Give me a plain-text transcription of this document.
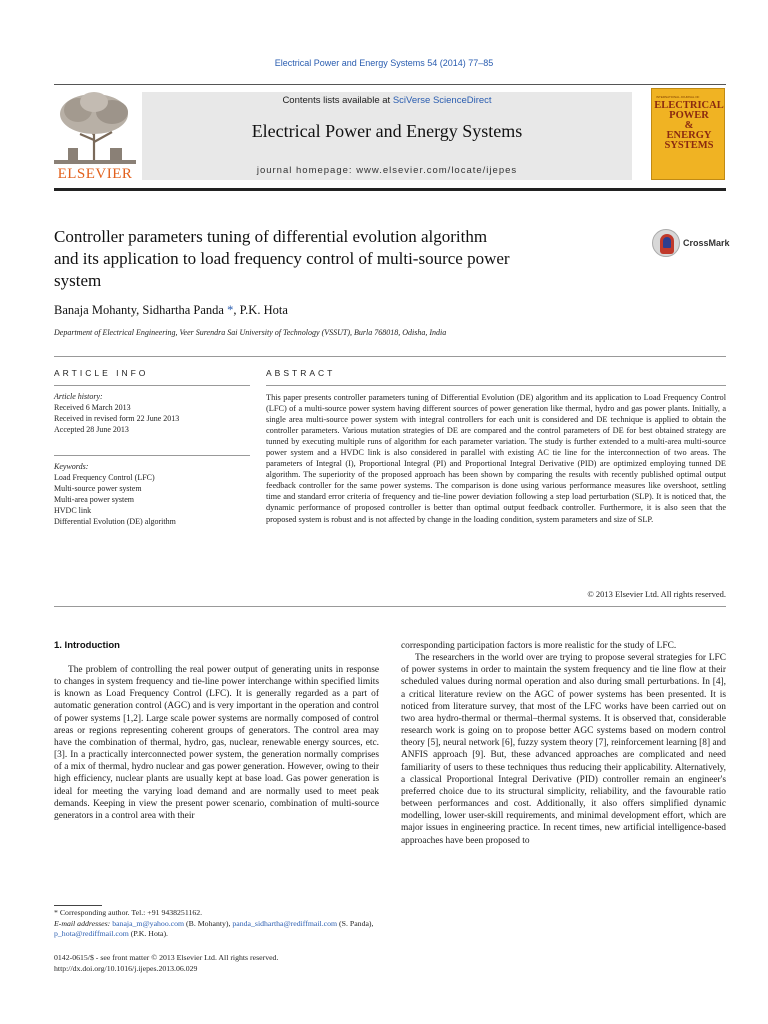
Electrical Power and Energy Systems 54 (2014) 77–85
ELSEVIER
Contents lists available at SciVerse ScienceDirect
Electrical Power and Energy Systems
journal homepage: www.elsevier.com/locate/ijepes
INTERNATIONAL JOURNAL OF
ELECTRICAL
POWER
&
ENERGY
SYSTEMS
Controller parameters tuning of differential evolution algorithm
and its application to load frequency control of multi-source power
system
CrossMark
Banaja Mohanty, Sidhartha Panda *, P.K. Hota
Department of Electrical Engineering, Veer Surendra Sai University of Technology (VSSUT), Burla 768018, Odisha, India
ARTICLE INFO	ABSTRACT
Article history:
Received 6 March 2013
Received in revised form 22 June 2013
Accepted 28 June 2013
Keywords:
Load Frequency Control (LFC)
Multi-source power system
Multi-area power system
HVDC link
Differential Evolution (DE) algorithm
This paper presents controller parameters tuning of Differential Evolution (DE) algorithm and its application to Load Frequency Control (LFC) of a multi-source power system having different sources of power generation like thermal, hydro and gas power plants. Initially, a single area multi-source power system with integral controllers for each unit is considered and DE technique is applied to obtain the controller parameters. Various mutation strategies of DE are compared and the control parameters of DE for best obtained strategy are tunned by executing multiple runs of algorithm for each parameter variation. The study is further extended to a multi-area multi-source power system and a HVDC link is also considered in parallel with existing AC tie line for the interconnection of two areas. The parameters of Integral (I), Proportional Integral (PI) and Proportional Integral Derivative (PID) are optimized employing tunned DE algorithm. The superiority of the proposed approach has been shown by comparing the results with recently published optimal output feedback controller for the same power systems. The comparison is done using various performance measures like overshoot, settling time and standard error criteria of frequency and tie-line power deviation following a step load perturbation (SLP). It is noticed that, the dynamic performance of proposed controller is better than optimal output feedback controller. Furthermore, it is also seen that the proposed system is robust and is not affected by change in the loading condition, system parameters and size of SLP.
© 2013 Elsevier Ltd. All rights reserved.
1. Introduction

The problem of controlling the real power output of generating units in response to changes in system frequency and tie-line power interchange within specified limits is known as Load Frequency Control (LFC). It is generally regarded as a part of automatic generation control (AGC) and is very important in the operation and control of power systems [1,2]. Large scale power systems are normally composed of control areas or regions representing coherent groups of generators. The control area may have the combination of thermal, hydro, gas, nuclear, renewable energy sources, etc. [3]. In a practically interconnected power system, the generation normally comprises of a mix of thermal, hydro nuclear and gas power generation. However, owing to their high efficiency, nuclear plants are usually kept at base load. Gas power generation is ideal for meeting the varying load demand and are normally used to meet peak demands. Keeping in view the present power scenario, combination of multi-source generators in a control area with their

corresponding participation factors is more realistic for the study of LFC.

The researchers in the world over are trying to propose several strategies for LFC of power systems in order to maintain the system frequency and tie line flow at their scheduled values during normal operation and also during small perturbations. In [4], a critical literature review on the AGC of power systems has been presented. It is noticed from literature survey, that most of the LFC works have been carried out on two area hydro-thermal or thermal–thermal systems. It is observed that, considerable research work is going on to propose better AGC systems based on modern control theory [5], neural network [6], fuzzy system theory [7], reinforcement learning [8] and ANFIS approach [9]. But, these advanced approaches are complicated and need familiarity of users to these techniques thus reducing their applicability. Alternatively, a classical Proportional Integral Derivative (PID) controller remain an engineer's preferred choice due to its structural simplicity, reliability, and the favourable ratio between performances and cost. Additionally, it also offers simplified dynamic modelling, lower user-skill requirements, and minimal development effort, which are major issues in engineering practice. In recent times, new artificial intelligence-based approaches have been proposed to

* Corresponding author. Tel.: +91 9438251162.
E-mail addresses: banaja_m@yahoo.com (B. Mohanty), panda_sidhartha@rediffmail.com (S. Panda), p_hota@rediffmail.com (P.K. Hota).
0142-0615/$ - see front matter © 2013 Elsevier Ltd. All rights reserved.
http://dx.doi.org/10.1016/j.ijepes.2013.06.029
